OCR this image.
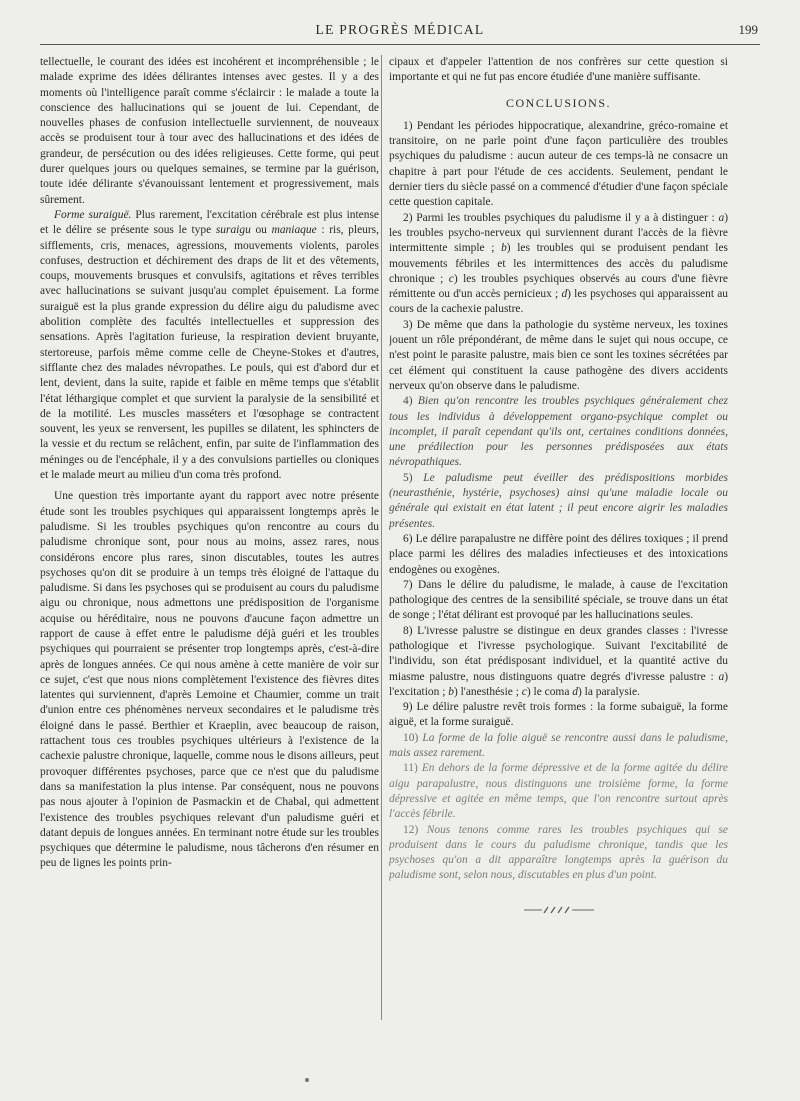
LE PROGRÈS MÉDICAL	199

tellectuelle, le courant des idées est incohérent et incompréhensible ; le malade exprime des idées délirantes intenses avec gestes. Il y a des moments où l'intelligence paraît comme s'éclaircir : le malade a toute la conscience des hallucinations qui se jouent de lui. Cependant, de nouvelles phases de confusion intellectuelle surviennent, de nouveaux accès se produisent tour à tour avec des hallucinations et des idées de grandeur, de persécution ou des idées religieuses. Cette forme, qui peut durer quelques jours ou quelques semaines, se termine par la guérison, toute idée délirante s'évanouissant lentement et progressivement, mais sûrement.

Forme suraiguë. Plus rarement, l'excitation cérébrale est plus intense et le délire se présente sous le type suraigu ou maniaque : ris, pleurs, sifflements, cris, menaces, agressions, mouvements violents, paroles confuses, destruction et déchirement des draps de lit et des vêtements, coups, mouvements brusques et convulsifs, agitations et rêves terribles avec hallucinations se suivant jusqu'au complet épuisement. La forme suraiguë est la plus grande expression du délire aigu du paludisme avec abolition complète des facultés intellectuelles et suppression des sensations. Après l'agitation furieuse, la respiration devient bruyante, stertoreuse, parfois même comme celle de Cheyne-Stokes et d'autres, sifflante chez des malades névropathes. Le pouls, qui est d'abord dur et lent, devient, dans la suite, rapide et faible en même temps que s'établit l'état léthargique complet et que survient la paralysie de la sensibilité et de la motilité. Les muscles masséters et l'œsophage se contractent souvent, les yeux se renversent, les pupilles se dilatent, les sphincters de la vessie et du rectum se relâchent, enfin, par suite de l'inflammation des méninges ou de l'encéphale, il y a des convulsions partielles ou cloniques et le malade meurt au milieu d'un coma très profond.

Une question très importante ayant du rapport avec notre présente étude sont les troubles psychiques qui apparaissent longtemps après le paludisme. Si les troubles psychiques qu'on rencontre au cours du paludisme chronique sont, pour nous au moins, assez rares, nous considérons encore plus rares, sinon discutables, toutes les autres psychoses qu'on dit se produire à un temps très éloigné de l'attaque du paludisme. Si dans les psychoses qui se produisent au cours du paludisme aigu ou chronique, nous admettons une prédisposition de l'organisme acquise ou héréditaire, nous ne pouvons d'aucune façon admettre un rapport de cause à effet entre le paludisme déjà guéri et les troubles psychiques qui pourraient se présenter trop longtemps après, c'est-à-dire après de longues années. Ce qui nous amène à cette manière de voir sur ce sujet, c'est que nous nions complètement l'existence des fièvres dites latentes qui surviennent, d'après Lemoine et Chaumier, comme un trait d'union entre ces phénomènes nerveux secondaires et le paludisme très éloigné dans le passé. Berthier et Kraeplin, avec beaucoup de raison, rattachent tous ces troubles psychiques ultérieurs à l'existence de la cachexie palustre chronique, laquelle, comme nous le disons ailleurs, peut provoquer différentes psychoses, parce que ce n'est que du paludisme dans sa manifestation la plus intense. Par conséquent, nous ne pouvons pas nous ajouter à l'opinion de Pasmackin et de Chabal, qui admettent l'existence des troubles psychiques relevant d'un paludisme guéri et datant depuis de longues années. En terminant notre étude sur les troubles psychiques que détermine le paludisme, nous tâcherons d'en résumer en peu de lignes les points prin-

cipaux et d'appeler l'attention de nos confrères sur cette question si importante et qui ne fut pas encore étudiée d'une manière suffisante.

CONCLUSIONS.

1) Pendant les périodes hippocratique, alexandrine, gréco-romaine et transitoire, on ne parle point d'une façon particulière des troubles psychiques du paludisme : aucun auteur de ces temps-là ne consacre un chapitre à part pour l'étude de ces accidents. Seulement, pendant le dernier tiers du siècle passé on a commencé d'étudier d'une façon spéciale cette question capitale.

2) Parmi les troubles psychiques du paludisme il y a à distinguer : a) les troubles psycho-nerveux qui surviennent durant l'accès de la fièvre intermittente simple ; b) les troubles qui se produisent pendant les mouvements fébriles et les intermittences des accès du paludisme chronique ; c) les troubles psychiques observés au cours d'une fièvre rémittente ou d'un accès pernicieux ; d) les psychoses qui apparaissent au cours de la cachexie palustre.

3) De même que dans la pathologie du système nerveux, les toxines jouent un rôle prépondérant, de même dans le sujet qui nous occupe, ce n'est point le parasite palustre, mais bien ce sont les toxines sécrétées par cet élément qui constituent la cause pathogène des divers accidents nerveux qu'on observe dans le paludisme.

4) Bien qu'on rencontre les troubles psychiques généralement chez tous les individus à développement organo-psychique complet ou incomplet, il paraît cependant qu'ils ont, certaines conditions données, une prédilection pour les personnes prédisposées aux états névropathiques.

5) Le paludisme peut éveiller des prédispositions morbides (neurasthénie, hystérie, psychoses) ainsi qu'une maladie locale ou générale qui existait en état latent ; il peut encore aigrir les maladies présentes.

6) Le délire parapalustre ne diffère point des délires toxiques ; il prend place parmi les délires des maladies infectieuses et des intoxications endogènes ou exogènes.

7) Dans le délire du paludisme, le malade, à cause de l'excitation pathologique des centres de la sensibilité spéciale, se trouve dans un état de songe ; l'état délirant est provoqué par les hallucinations seules.

8) L'ivresse palustre se distingue en deux grandes classes : l'ivresse pathologique et l'ivresse psychologique. Suivant l'excitabilité de l'individu, son état prédisposant individuel, et la quantité active du miasme palustre, nous distinguons quatre degrés d'ivresse palustre : a) l'excitation ; b) l'anesthésie ; c) le coma d) la paralysie.

9) Le délire palustre revêt trois formes : la forme subaiguë, la forme aiguë, et la forme suraiguë.

10) La forme de la folie aiguë se rencontre aussi dans le paludisme, mais assez rarement.

11) En dehors de la forme dépressive et de la forme agitée du délire aigu parapalustre, nous distinguons une troisième forme, la forme dépressive et agitée en même temps, que l'on rencontre surtout après l'accès fébrile.

12) Nous tenons comme rares les troubles psychiques qui se produisent dans le cours du paludisme chronique, tandis que les psychoses qu'on a dit apparaître longtemps après la guérison du paludisme sont, selon nous, discutables en plus d'un point.
